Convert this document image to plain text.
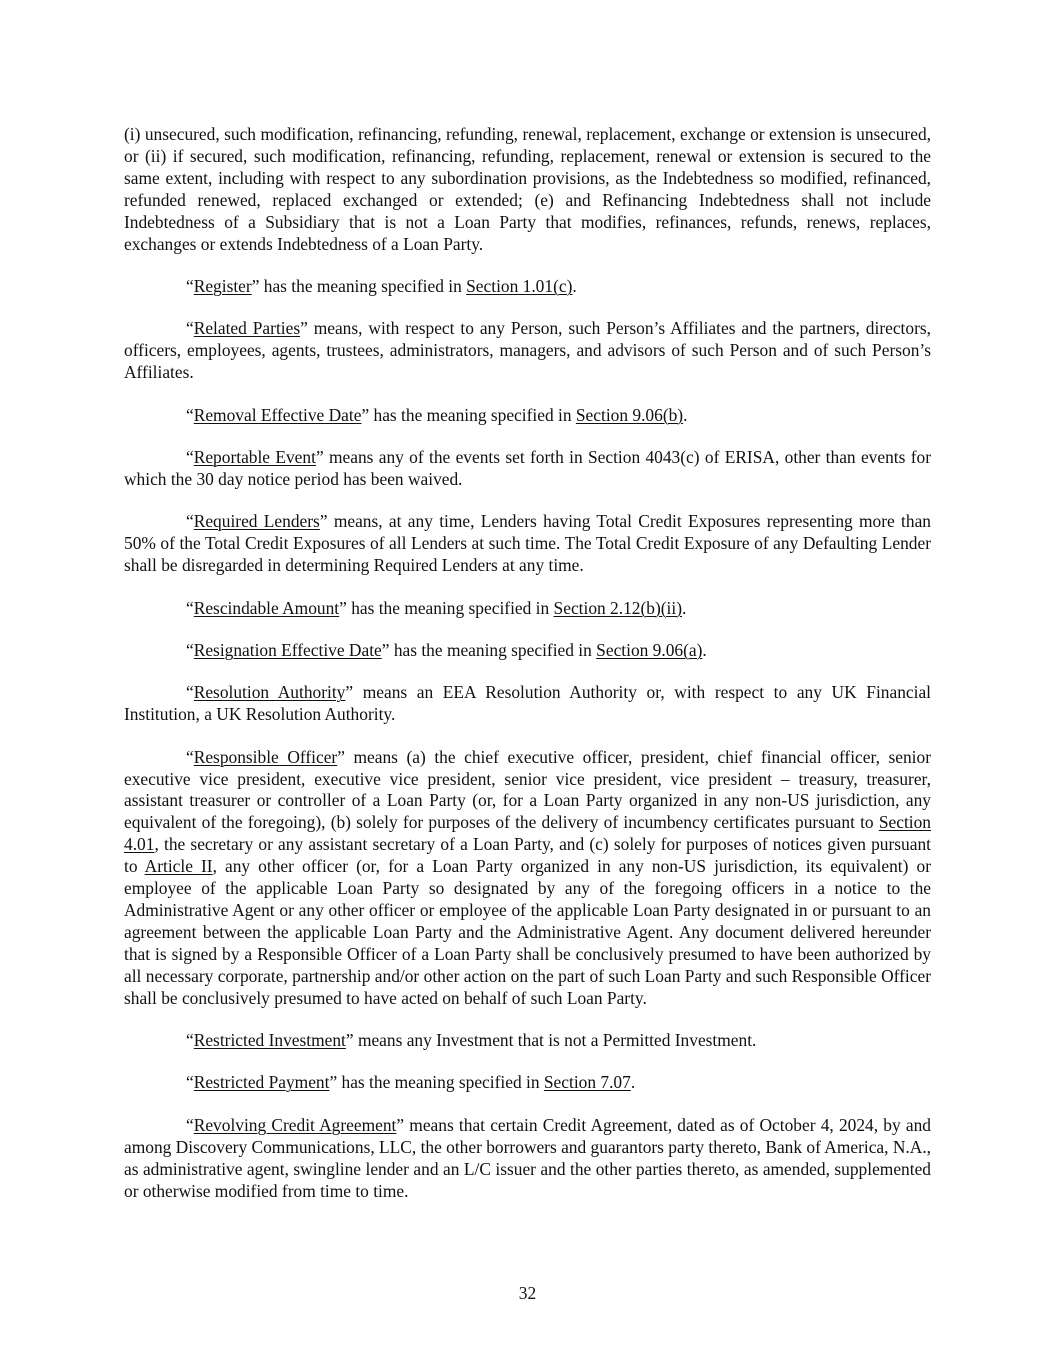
(i) unsecured, such modification, refinancing, refunding, renewal, replacement, exchange or extension is unsecured, or (ii) if secured, such modification, refinancing, refunding, replacement, renewal or extension is secured to the same extent, including with respect to any subordination provisions, as the Indebtedness so modified, refinanced, refunded renewed, replaced exchanged or extended; (e) and Refinancing Indebtedness shall not include Indebtedness of a Subsidiary that is not a Loan Party that modifies, refinances, refunds, renews, replaces, exchanges or extends Indebtedness of a Loan Party.

“Register” has the meaning specified in Section 1.01(c).

“Related Parties” means, with respect to any Person, such Person’s Affiliates and the partners, directors, officers, employees, agents, trustees, administrators, managers, and advisors of such Person and of such Person’s Affiliates.

“Removal Effective Date” has the meaning specified in Section 9.06(b).

“Reportable Event” means any of the events set forth in Section 4043(c) of ERISA, other than events for which the 30 day notice period has been waived.

“Required Lenders” means, at any time, Lenders having Total Credit Exposures representing more than 50% of the Total Credit Exposures of all Lenders at such time. The Total Credit Exposure of any Defaulting Lender shall be disregarded in determining Required Lenders at any time.

“Rescindable Amount” has the meaning specified in Section 2.12(b)(ii).

“Resignation Effective Date” has the meaning specified in Section 9.06(a).

“Resolution Authority” means an EEA Resolution Authority or, with respect to any UK Financial Institution, a UK Resolution Authority.

“Responsible Officer” means (a) the chief executive officer, president, chief financial officer, senior executive vice president, executive vice president, senior vice president, vice president – treasury, treasurer, assistant treasurer or controller of a Loan Party (or, for a Loan Party organized in any non-US jurisdiction, any equivalent of the foregoing), (b) solely for purposes of the delivery of incumbency certificates pursuant to Section 4.01, the secretary or any assistant secretary of a Loan Party, and (c) solely for purposes of notices given pursuant to Article II, any other officer (or, for a Loan Party organized in any non-US jurisdiction, its equivalent) or employee of the applicable Loan Party so designated by any of the foregoing officers in a notice to the Administrative Agent or any other officer or employee of the applicable Loan Party designated in or pursuant to an agreement between the applicable Loan Party and the Administrative Agent. Any document delivered hereunder that is signed by a Responsible Officer of a Loan Party shall be conclusively presumed to have been authorized by all necessary corporate, partnership and/or other action on the part of such Loan Party and such Responsible Officer shall be conclusively presumed to have acted on behalf of such Loan Party.

“Restricted Investment” means any Investment that is not a Permitted Investment.

“Restricted Payment” has the meaning specified in Section 7.07.

“Revolving Credit Agreement” means that certain Credit Agreement, dated as of October 4, 2024, by and among Discovery Communications, LLC, the other borrowers and guarantors party thereto, Bank of America, N.A., as administrative agent, swingline lender and an L/C issuer and the other parties thereto, as amended, supplemented or otherwise modified from time to time.

32
